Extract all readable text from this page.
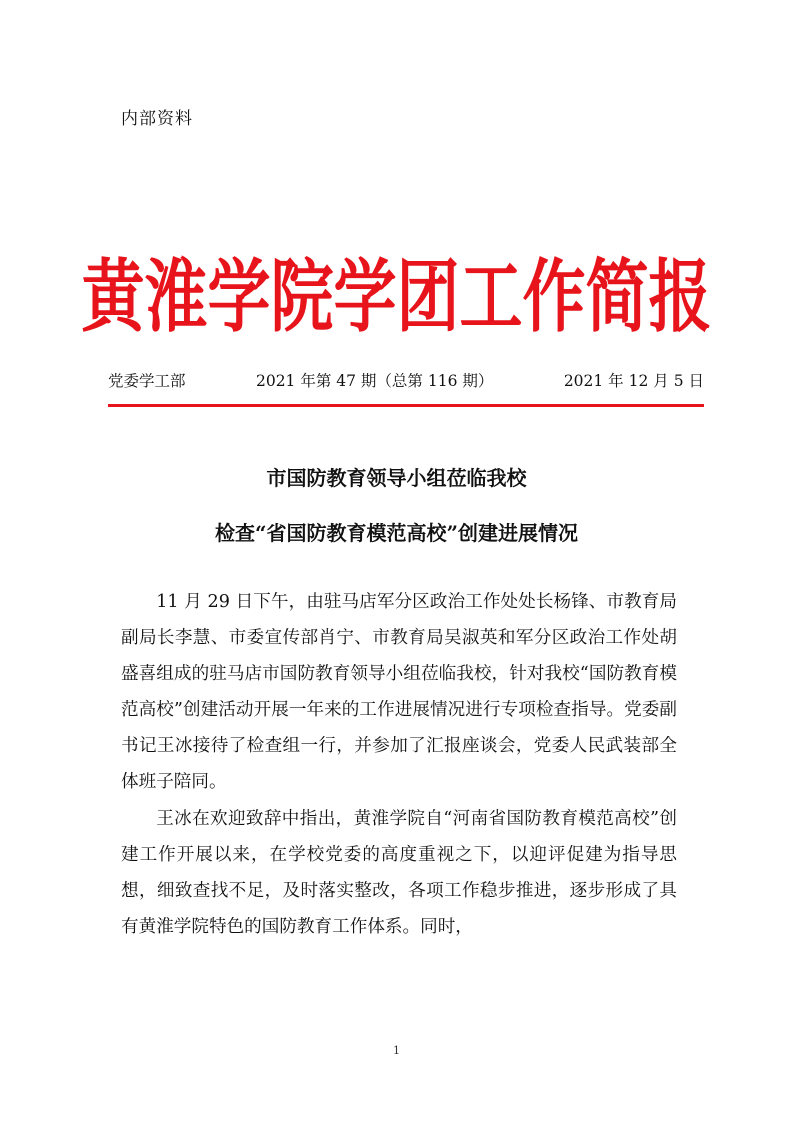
内部资料
黄淮学院学团工作简报
党委学工部	2021 年第 47 期（总第 116 期）	2021 年 12 月 5 日
市国防教育领导小组莅临我校
检查“省国防教育模范高校”创建进展情况

11 月 29 日下午，由驻马店军分区政治工作处处长杨锋、市教育局副局长李慧、市委宣传部肖宁、市教育局吴淑英和军分区政治工作处胡盛喜组成的驻马店市国防教育领导小组莅临我校，针对我校“国防教育模范高校”创建活动开展一年来的工作进展情况进行专项检查指导。党委副书记王冰接待了检查组一行，并参加了汇报座谈会，党委人民武装部全体班子陪同。

王冰在欢迎致辞中指出，黄淮学院自“河南省国防教育模范高校”创建工作开展以来，在学校党委的高度重视之下，以迎评促建为指导思想，细致查找不足，及时落实整改，各项工作稳步推进，逐步形成了具有黄淮学院特色的国防教育工作体系。同时，

1
